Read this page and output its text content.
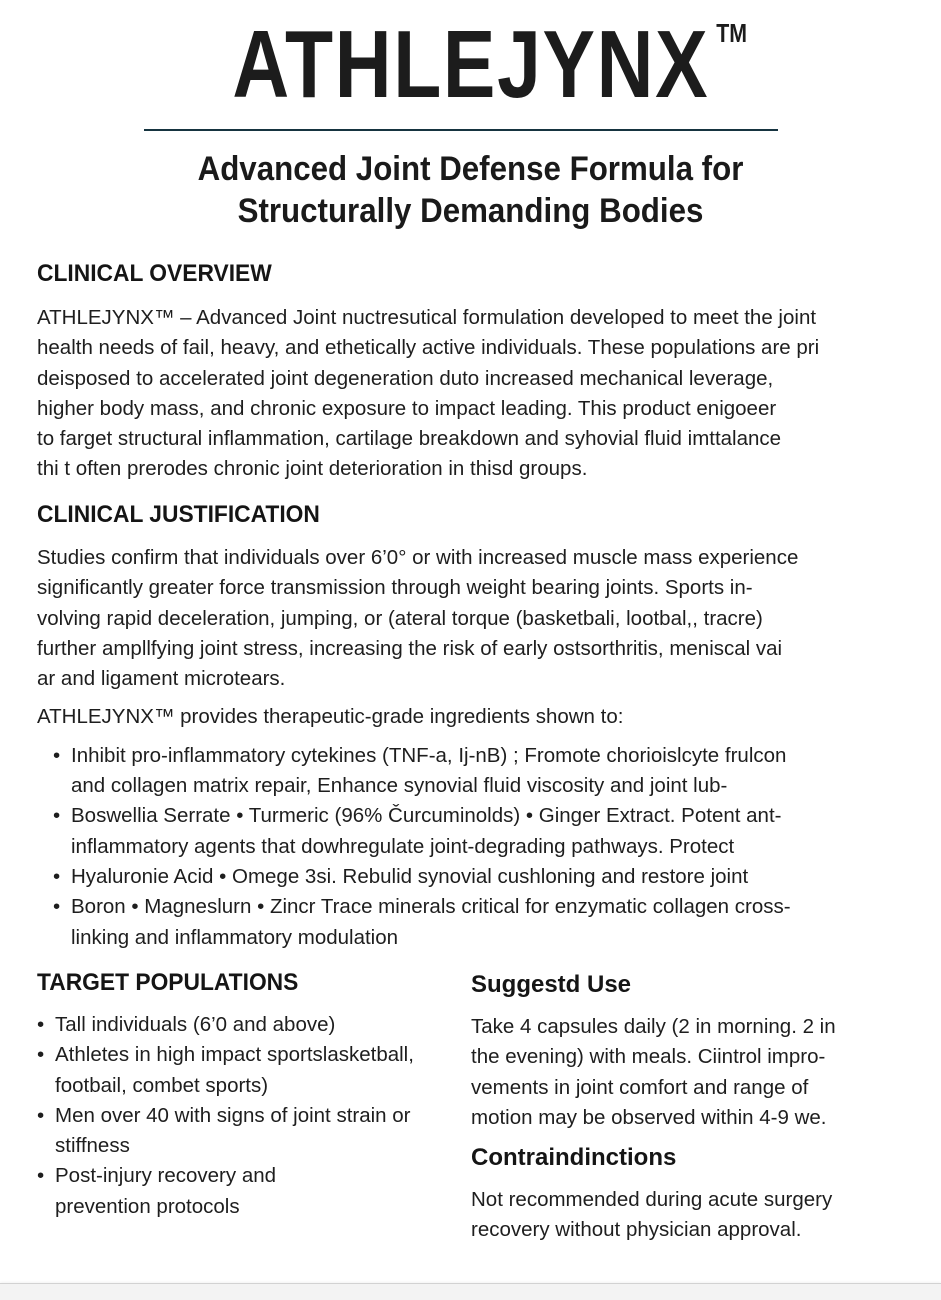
ATHLEJYNX TM
Advanced Joint Defense Formula for
Structurally Demanding Bodies
CLINICAL OVERVIEW
ATHLEJYNX™ – Advanced Joint nuctresutical formulation developed to meet the joint
health needs of fail, heavy, and ethetically active individuals. These populations are pri
deisposed to accelerated joint degeneration duto increased mechanical leverage,
higher body mass, and chronic exposure to impact leading. This product enigoeer
to farget structural inflammation, cartilage breakdown and syhovial fluid imttalance
thi t often prerodes chronic joint deterioration in thisd groups.
CLINICAL JUSTIFICATION
Studies confirm that individuals over 6’0° or with increased muscle mass experience
significantly greater force transmission through weight bearing joints. Sports in-
volving rapid deceleration, jumping, or (ateral torque (basketbali, lootbal,, tracre)
further ampllfying joint stress, increasing the risk of early ostsorthritis, meniscal vai
ar and ligament microtears.
ATHLEJYNX™ provides therapeutic-grade ingredients shown to:
• Inhibit pro-inflammatory cytekines (TNF-a, Ij-nB) ; Fromote chorioislcyte frulcon
and collagen matrix repair, Enhance synovial fluid viscosity and joint lub-
• Boswellia Serrate • Turmeric (96% Čurcuminolds) • Ginger Extract. Potent ant-
inflammatory agents that dowhregulate joint-degrading pathways. Protect
• Hyaluronie Acid • Omege 3si. Rebulid synovial cushloning and restore joint
• Boron • Magneslurn • Zincr Trace minerals critical for enzymatic collagen cross-
linking and inflammatory modulation
TARGET POPULATIONS
• Tall individuals (6’0 and above)
• Athletes in high impact sportslasketball,
footbail, combet sports)
• Men over 40 with signs of joint strain or
stiffness
• Post-injury recovery and
prevention protocols
Suggestd Use
Take 4 capsules daily (2 in morning. 2 in
the evening) with meals. Ciintrol impro-
vements in joint comfort and range of
motion may be observed within 4-9 we.
Contraindinctions
Not recommended during acute surgery
recovery without physician approval.
